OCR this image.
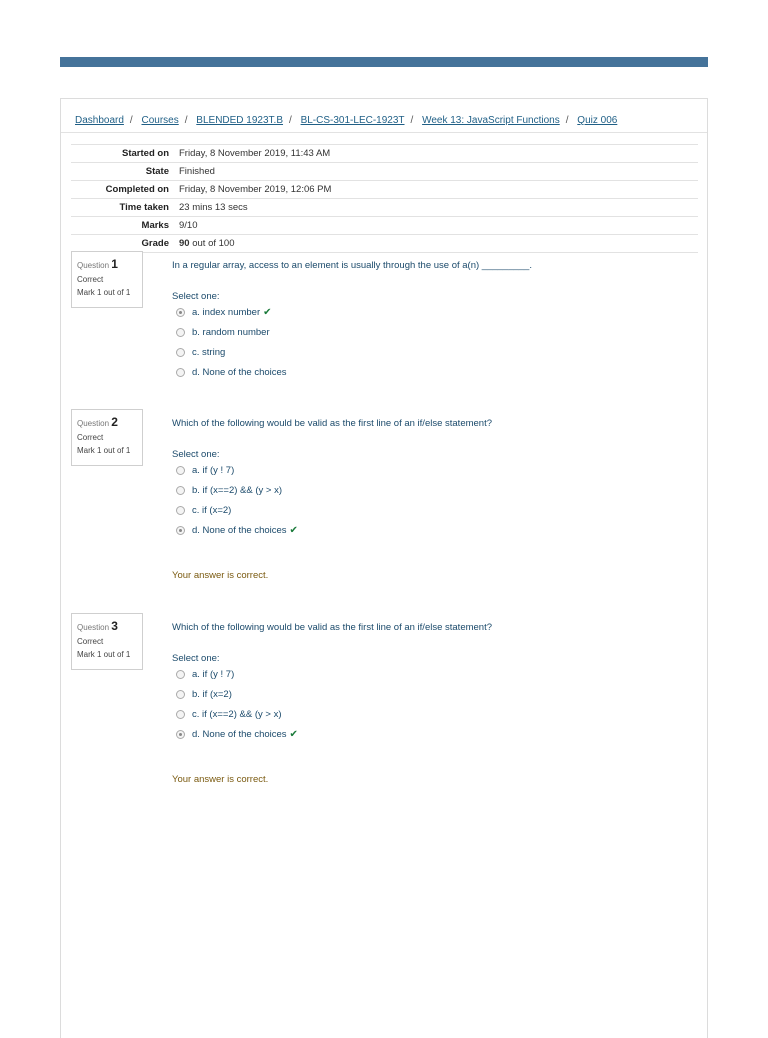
Dashboard / Courses / BLENDED 1923T.B / BL-CS-301-LEC-1923T / Week 13: JavaScript Functions / Quiz 006
Started on	Friday, 8 November 2019, 11:43 AM
State	Finished
Completed on	Friday, 8 November 2019, 12:06 PM
Time taken	23 mins 13 secs
Marks	9/10
Grade	90 out of 100
Question 1
Correct
Mark 1 out of 1
In a regular array, access to an element is usually through the use of a(n) _________.
Select one:
a. index number ✔
b. random number
c. string
d. None of the choices
Question 2
Correct
Mark 1 out of 1
Which of the following would be valid as the first line of an if/else statement?
Select one:
a. if (y ! 7)
b. if (x==2) && (y > x)
c. if (x=2)
d. None of the choices ✔
Your answer is correct.
Question 3
Correct
Mark 1 out of 1
Which of the following would be valid as the first line of an if/else statement?
Select one:
a. if (y ! 7)
b. if (x=2)
c. if (x==2) && (y > x)
d. None of the choices ✔
Your answer is correct.
